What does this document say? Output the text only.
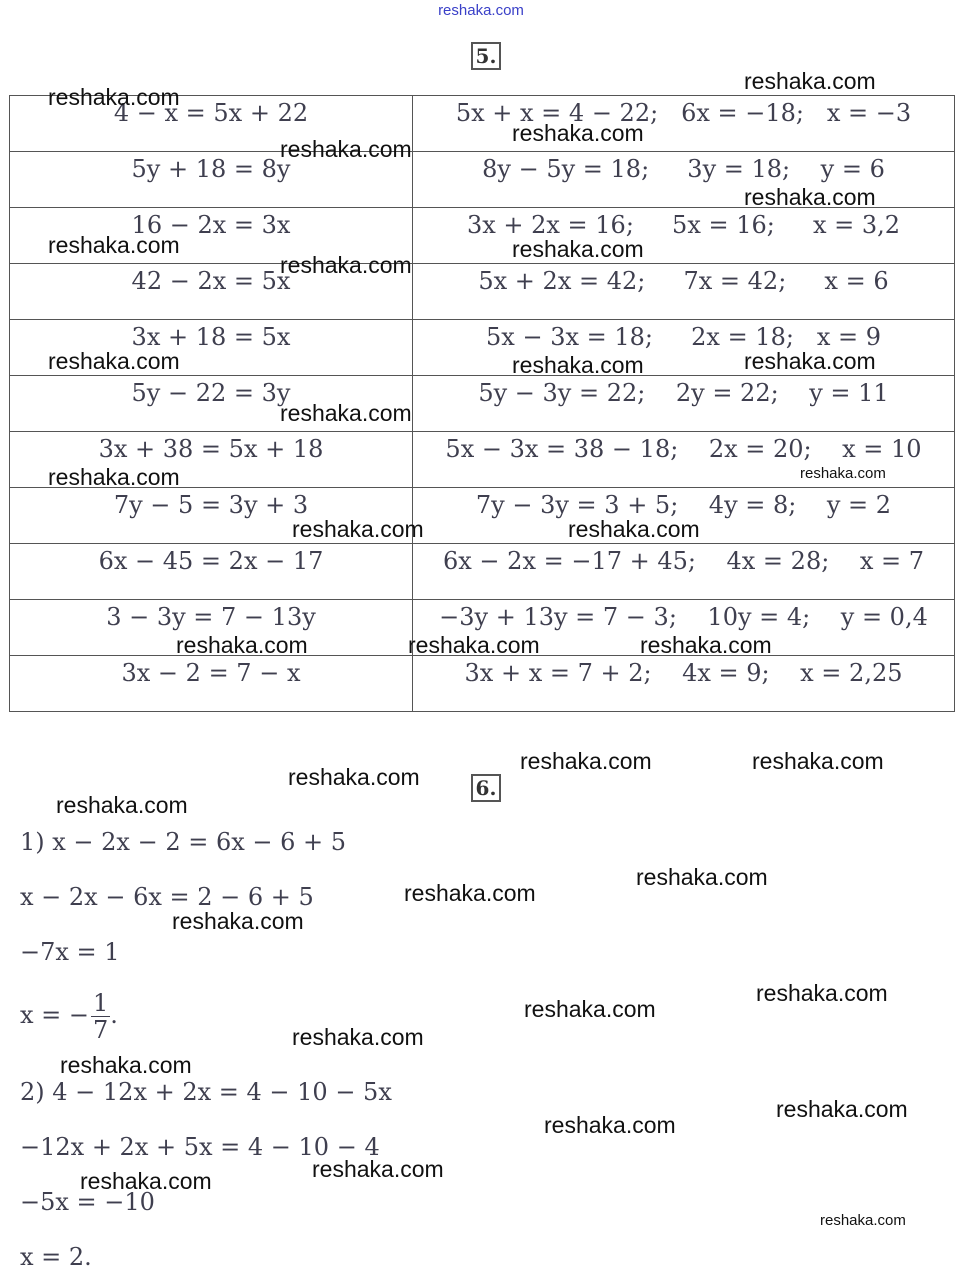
reshaka.com
5.
4 − x = 5x + 22	5x + x = 4 − 22;   6x = −18;   x = −3
5y + 18 = 8y	8y − 5y = 18;     3y = 18;    y = 6
16 − 2x = 3x	3x + 2x = 16;     5x = 16;     x = 3,2
42 − 2x = 5x	5x + 2x = 42;     7x = 42;     x = 6
3x + 18 = 5x	5x − 3x = 18;     2x = 18;   x = 9
5y − 22 = 3y	5y − 3y = 22;    2y = 22;    y = 11
3x + 38 = 5x + 18	5x − 3x = 38 − 18;    2x = 20;    x = 10
7y − 5 = 3y + 3	7y − 3y = 3 + 5;    4y = 8;    y = 2
6x − 45 = 2x − 17	6x − 2x = −17 + 45;    4x = 28;    x = 7
3 − 3y = 7 − 13y	−3y + 13y = 7 − 3;    10y = 4;    y = 0,4
3x − 2 = 7 − x	3x + x = 7 + 2;    4x = 9;    x = 2,25
6.
1) x − 2x − 2 = 6x − 6 + 5
x − 2x − 6x = 2 − 6 + 5
−7x = 1
x = − $\frac{1}{7}$ .
2) 4 − 12x + 2x = 4 − 10 − 5x
−12x + 2x + 5x = 4 − 10 − 4
−5x = −10
x = 2.
reshaka.com
reshaka.com
reshaka.com
reshaka.com
reshaka.com
reshaka.com	reshaka.com
reshaka.com
reshaka.com	reshaka.com	reshaka.com
reshaka.com
reshaka.com	reshaka.com
reshaka.com	reshaka.com
reshaka.com	reshaka.com	reshaka.com
reshaka.com	reshaka.com
reshaka.com
reshaka.com
reshaka.com
reshaka.com
reshaka.com
reshaka.com
reshaka.com
reshaka.com
reshaka.com
reshaka.com
reshaka.com
reshaka.com
reshaka.com
reshaka.com
